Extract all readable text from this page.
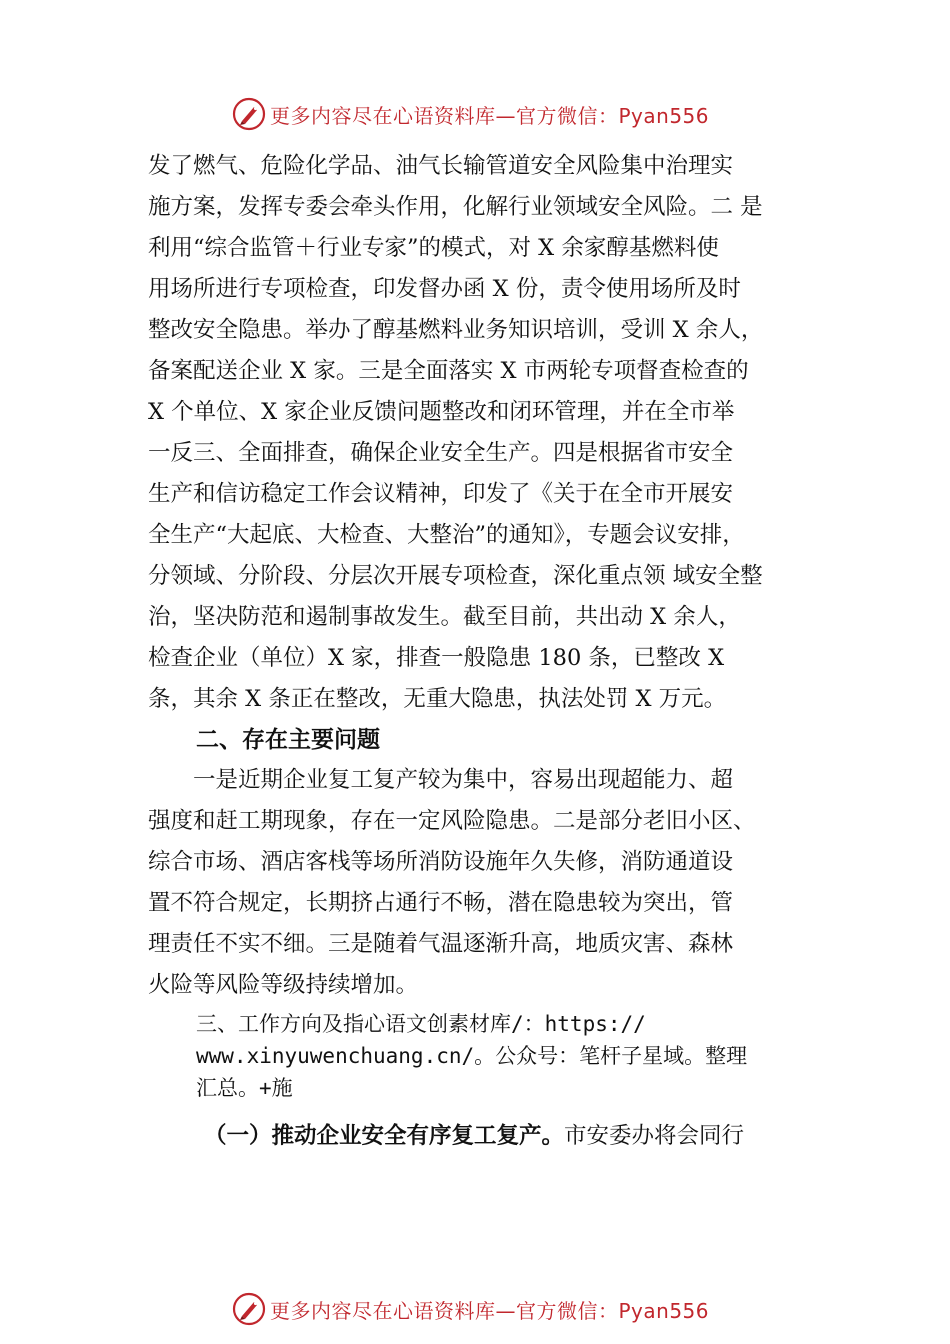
更多内容尽在心语资料库—官方微信：Pyan556
发了燃气、危险化学品、油气长输管道安全风险集中治理实
施方案，发挥专委会牵头作用，化解行业领域安全风险。二 是
利用“综合监管＋行业专家”的模式，对 X 余家醇基燃料使
用场所进行专项检查，印发督办函 X 份，责令使用场所及时
整改安全隐患。举办了醇基燃料业务知识培训，受训 X 余人，
备案配送企业 X 家。三是全面落实 X 市两轮专项督查检查的
X 个单位、X 家企业反馈问题整改和闭环管理，并在全市举
一反三、全面排查，确保企业安全生产。四是根据省市安全
生产和信访稳定工作会议精神，印发了《关于在全市开展安
全生产“大起底、大检查、大整治”的通知》，专题会议安排，
分领域、分阶段、分层次开展专项检查，深化重点领 域安全整
治，坚决防范和遏制事故发生。截至目前，共出动 X 余人，
检查企业（单位）X 家，排查一般隐患 180 条，已整改 X
条，其余 X 条正在整改，无重大隐患，执法处罚 X 万元。
二、存在主要问题
一是近期企业复工复产较为集中，容易出现超能力、超
强度和赶工期现象，存在一定风险隐患。二是部分老旧小区、
综合市场、酒店客栈等场所消防设施年久失修，消防通道设
置不符合规定，长期挤占通行不畅，潜在隐患较为突出，管
理责任不实不细。三是随着气温逐渐升高，地质灾害、森林
火险等风险等级持续增加。
三、工作方向及指心语文创素材库/：https://
www.xinyuwenchuang.cn/。公众号：笔杆子星域。整理
汇总。+施
（一）推动企业安全有序复工复产。市安委办将会同行
更多内容尽在心语资料库—官方微信：Pyan556
